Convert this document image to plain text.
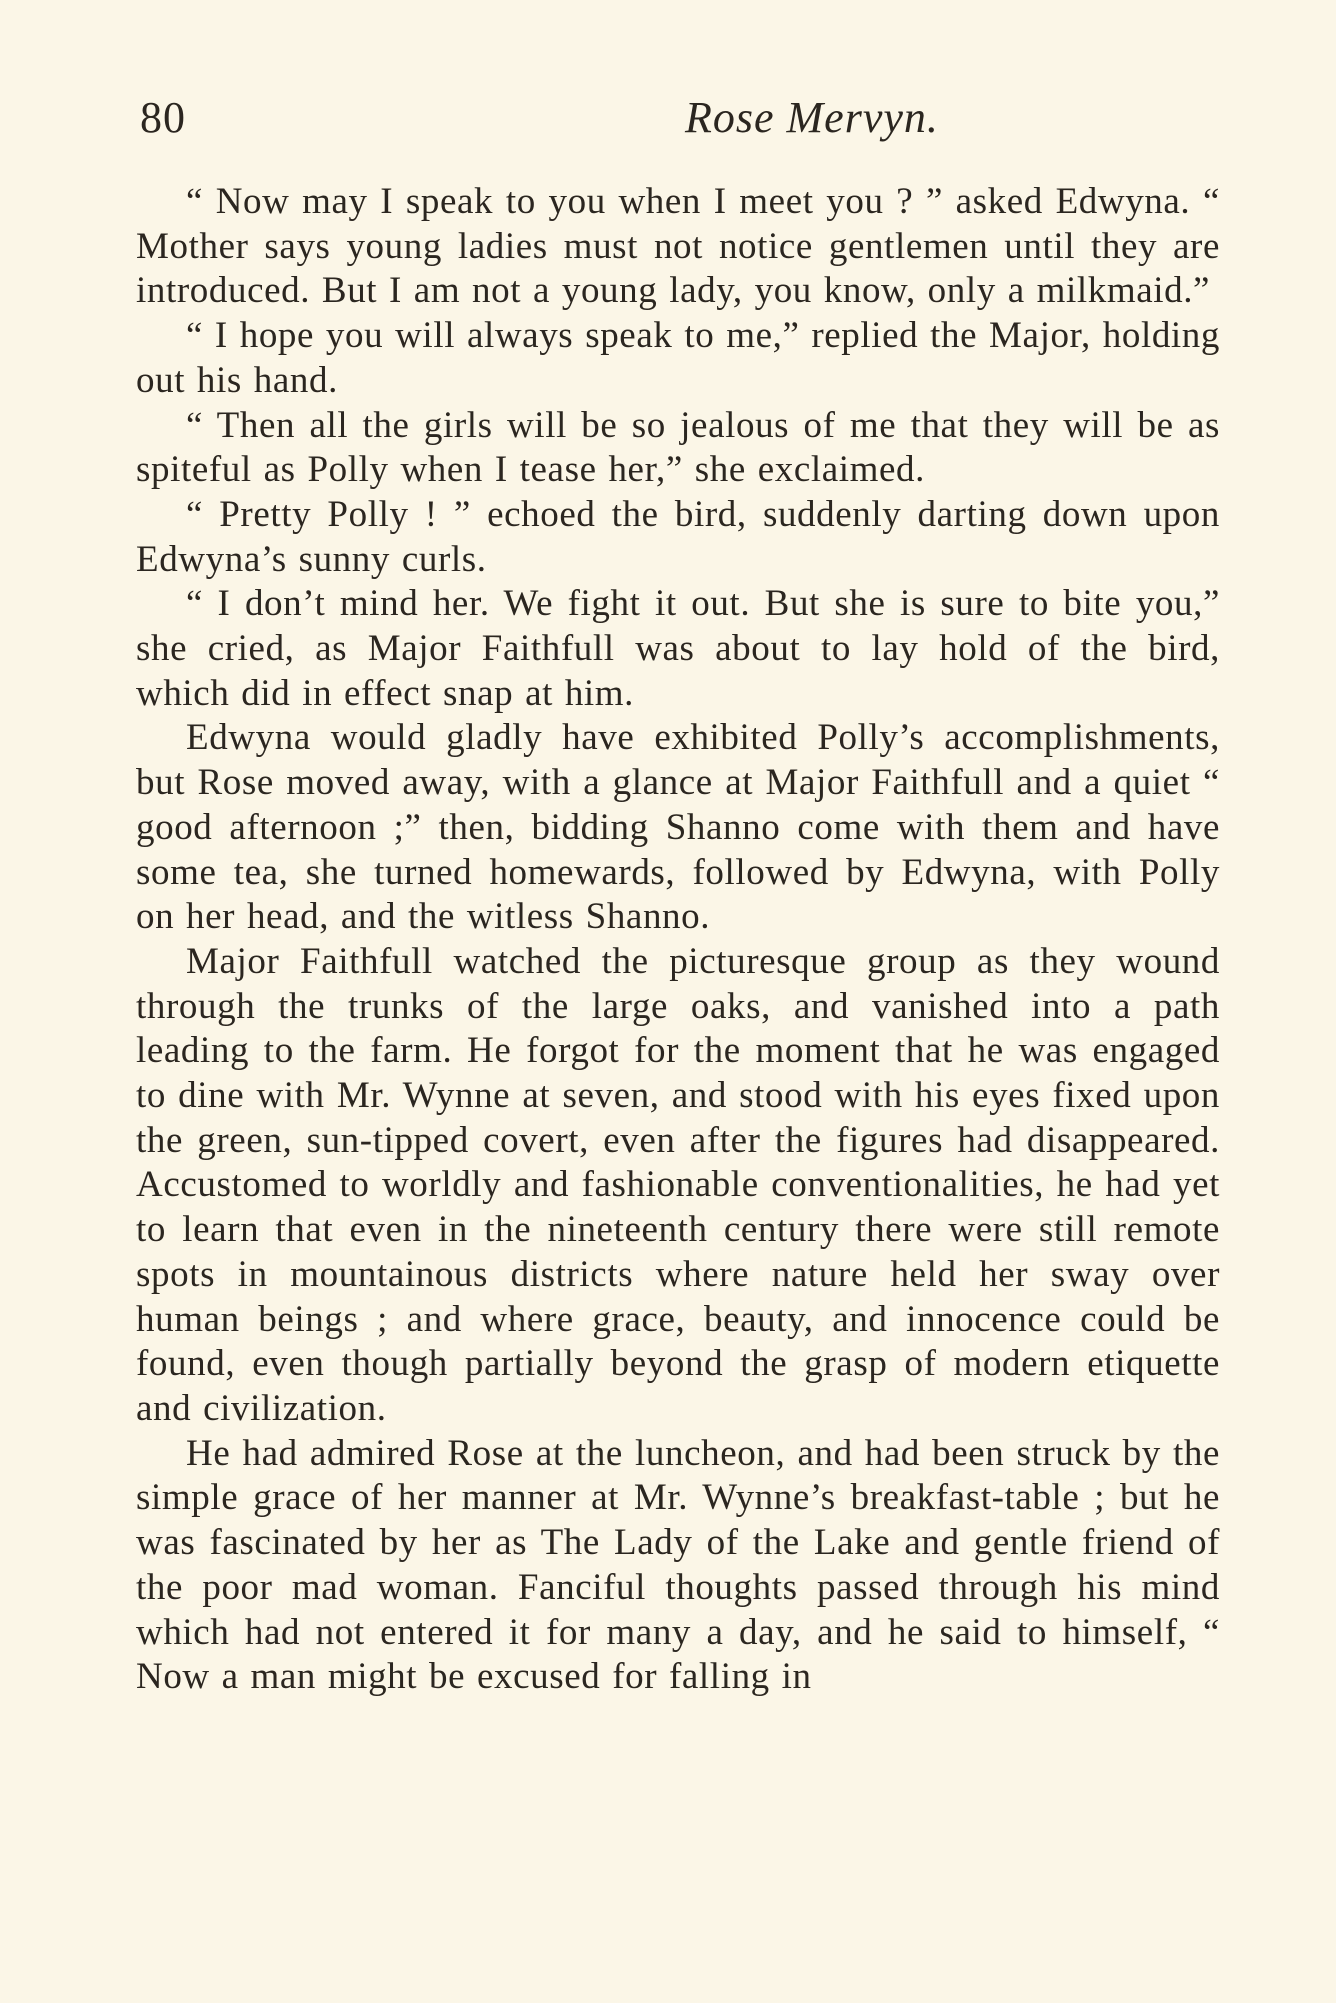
80	Rose Mervyn.

“ Now may I speak to you when I meet you ? ” asked Edwyna. “ Mother says young ladies must not notice gentlemen until they are introduced. But I am not a young lady, you know, only a milkmaid.”

“ I hope you will always speak to me,” replied the Major, holding out his hand.

“ Then all the girls will be so jealous of me that they will be as spiteful as Polly when I tease her,” she exclaimed.

“ Pretty Polly ! ” echoed the bird, suddenly darting down upon Edwyna’s sunny curls.

“ I don’t mind her. We fight it out. But she is sure to bite you,” she cried, as Major Faithfull was about to lay hold of the bird, which did in effect snap at him.

Edwyna would gladly have exhibited Polly’s accomplishments, but Rose moved away, with a glance at Major Faithfull and a quiet “ good afternoon ;” then, bidding Shanno come with them and have some tea, she turned homewards, followed by Edwyna, with Polly on her head, and the witless Shanno.

Major Faithfull watched the picturesque group as they wound through the trunks of the large oaks, and vanished into a path leading to the farm. He forgot for the moment that he was engaged to dine with Mr. Wynne at seven, and stood with his eyes fixed upon the green, sun-tipped covert, even after the figures had disappeared. Accustomed to worldly and fashionable conventionalities, he had yet to learn that even in the nineteenth century there were still remote spots in mountainous districts where nature held her sway over human beings ; and where grace, beauty, and innocence could be found, even though partially beyond the grasp of modern etiquette and civilization.

He had admired Rose at the luncheon, and had been struck by the simple grace of her manner at Mr. Wynne’s breakfast-table ; but he was fascinated by her as The Lady of the Lake and gentle friend of the poor mad woman. Fanciful thoughts passed through his mind which had not entered it for many a day, and he said to himself, “ Now a man might be excused for falling in
